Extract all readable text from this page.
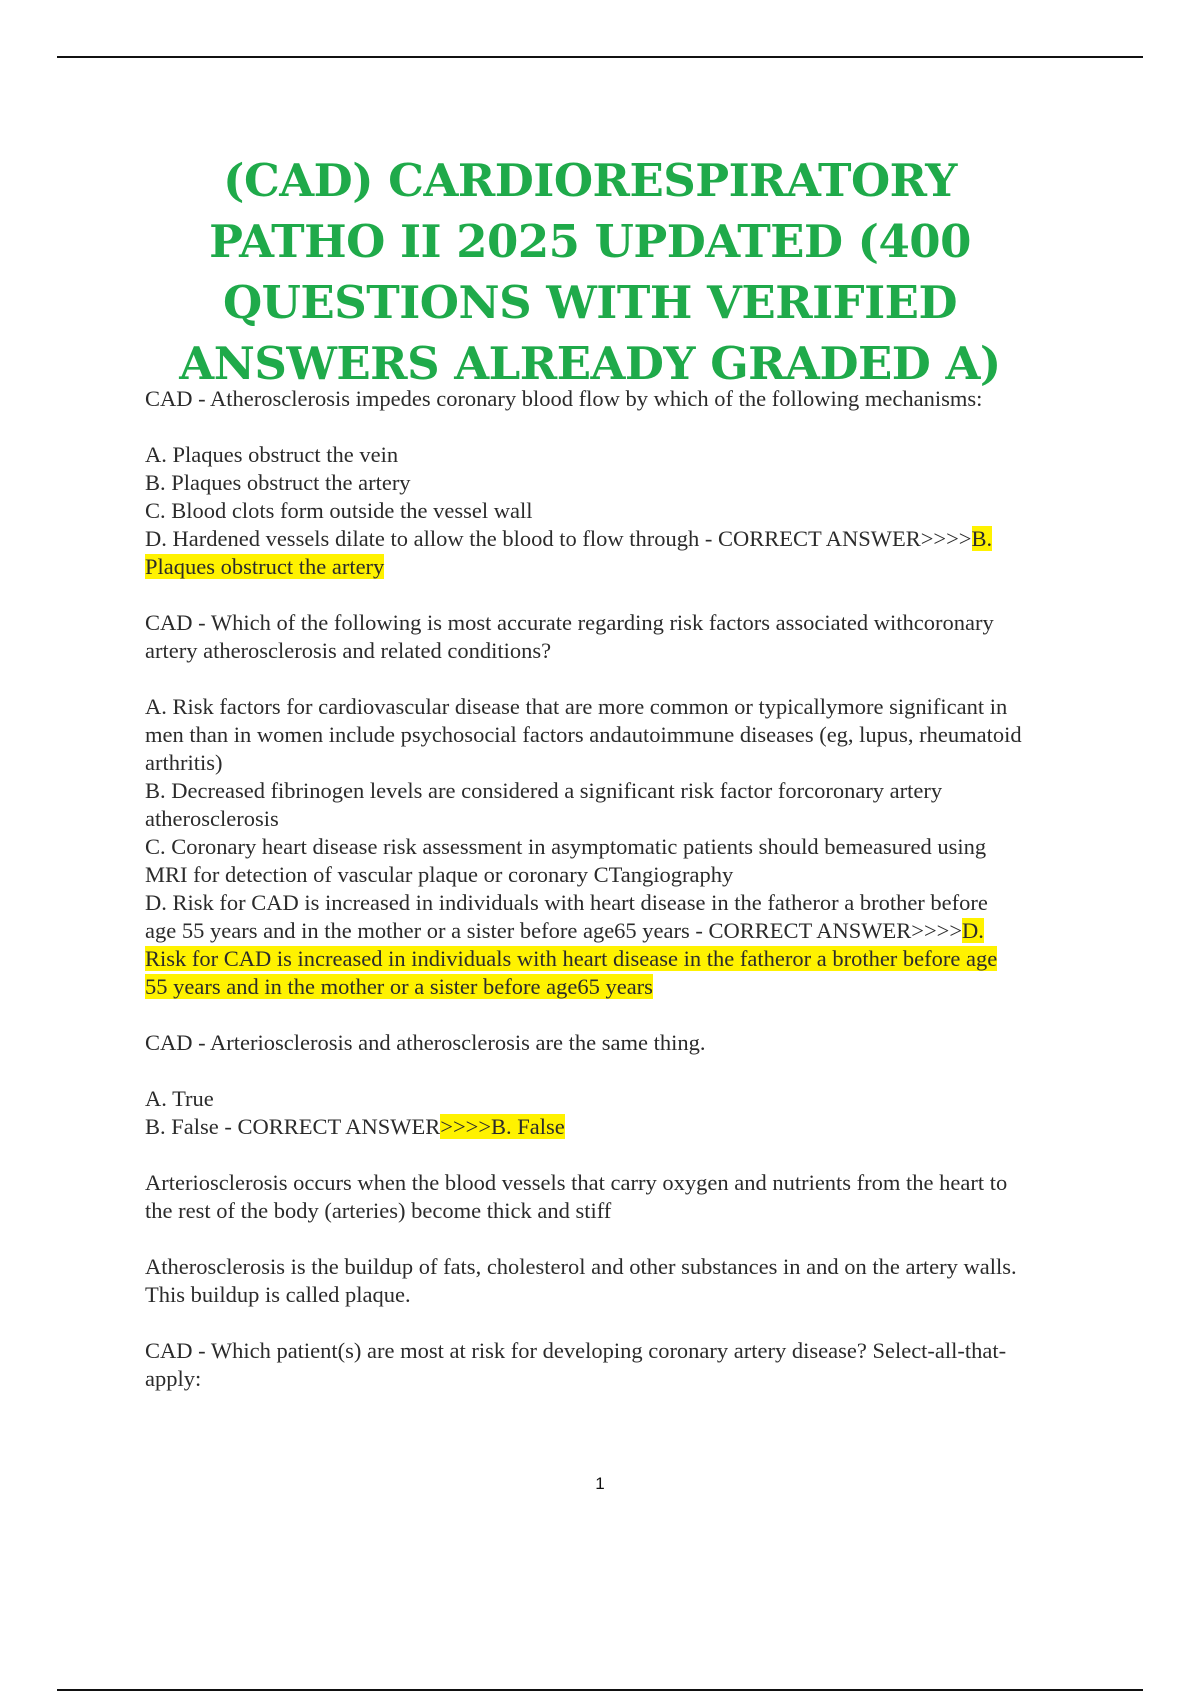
(CAD) CARDIORESPIRATORY
PATHO II 2025 UPDATED (400
QUESTIONS WITH VERIFIED
ANSWERS ALREADY GRADED A)
CAD - Atherosclerosis impedes coronary blood flow by which of the following mechanisms:
A. Plaques obstruct the vein
B. Plaques obstruct the artery
C. Blood clots form outside the vessel wall
D. Hardened vessels dilate to allow the blood to flow through - CORRECT ANSWER>>>>B.
Plaques obstruct the artery
CAD - Which of the following is most accurate regarding risk factors associated withcoronary
artery atherosclerosis and related conditions?
A. Risk factors for cardiovascular disease that are more common or typicallymore significant in
men than in women include psychosocial factors andautoimmune diseases (eg, lupus, rheumatoid
arthritis)
B. Decreased fibrinogen levels are considered a significant risk factor forcoronary artery
atherosclerosis
C. Coronary heart disease risk assessment in asymptomatic patients should bemeasured using
MRI for detection of vascular plaque or coronary CTangiography
D. Risk for CAD is increased in individuals with heart disease in the fatheror a brother before
age 55 years and in the mother or a sister before age65 years - CORRECT ANSWER>>>>D.
Risk for CAD is increased in individuals with heart disease in the fatheror a brother before age
55 years and in the mother or a sister before age65 years
CAD - Arteriosclerosis and atherosclerosis are the same thing.
A. True
B. False - CORRECT ANSWER>>>>B. False
Arteriosclerosis occurs when the blood vessels that carry oxygen and nutrients from the heart to
the rest of the body (arteries) become thick and stiff
Atherosclerosis is the buildup of fats, cholesterol and other substances in and on the artery walls.
This buildup is called plaque.
CAD - Which patient(s) are most at risk for developing coronary artery disease? Select-all-that-
apply:
1
